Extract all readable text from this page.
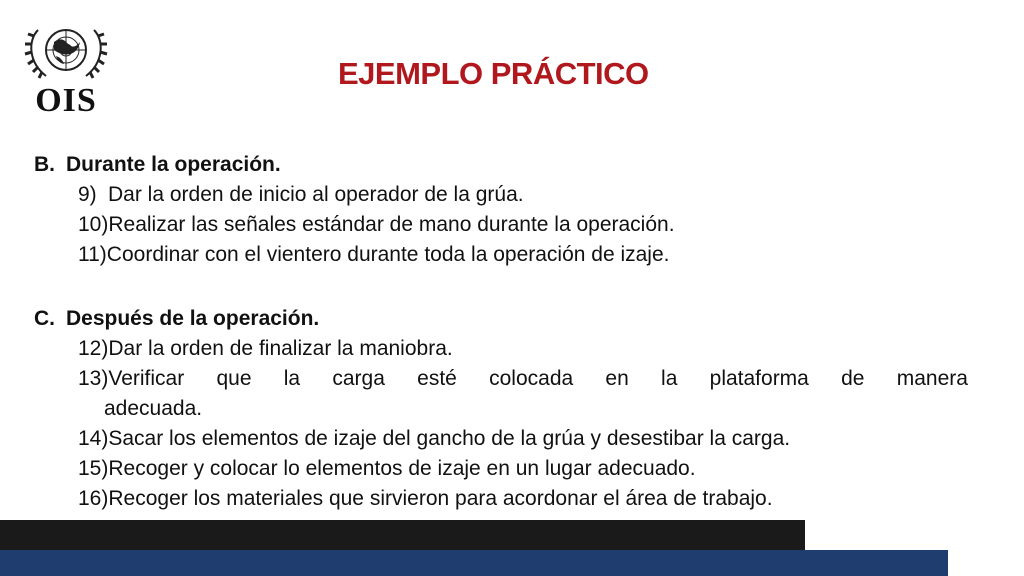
OIS
EJEMPLO PRÁCTICO
B. Durante la operación.
9) Dar la orden de inicio al operador de la grúa.
10) Realizar las señales estándar de mano durante la operación.
11) Coordinar con el vientero durante toda la operación de izaje.
C. Después de la operación.
12) Dar la orden de finalizar la maniobra.
13)Verificar que la carga esté colocada en la plataforma de manera
adecuada.
14) Sacar los elementos de izaje del gancho de la grúa y desestibar la carga.
15) Recoger y colocar lo elementos de izaje en un lugar adecuado.
16) Recoger los materiales que sirvieron para acordonar el área de trabajo.
